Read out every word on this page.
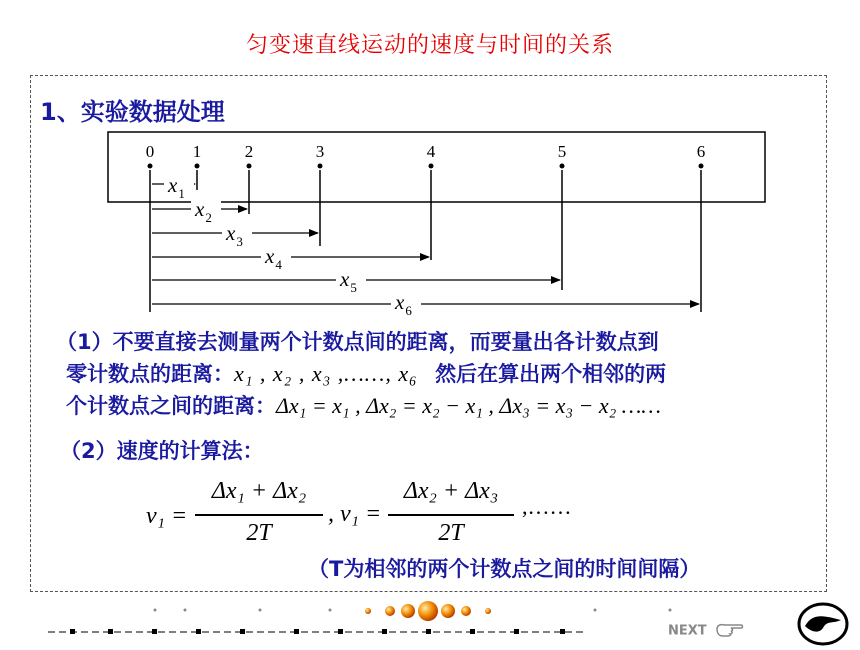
匀变速直线运动的速度与时间的关系
1、实验数据处理
0 1	2	3	4	5	6
$x_1$
$x_2$
$x_3$
$x_4$
$x_5$
$x_6$
（1）不要直接去测量两个计数点间的距离，而要量出各计数点到
零计数点的距离：x₁ , x₂ , x₃ ,……, x₆ 然后在算出两个相邻的两
个计数点之间的距离：Δx₁ = x₁ , Δx₂ = x₂ − x₁ , Δx₃ = x₃ − x₂ ……
（2）速度的计算法：
v₁ =
Δx₁ + Δx₂
2T
, v₁ =
Δx₂ + Δx₃
2T
,……
（T为相邻的两个计数点之间的时间间隔）
NEXT
